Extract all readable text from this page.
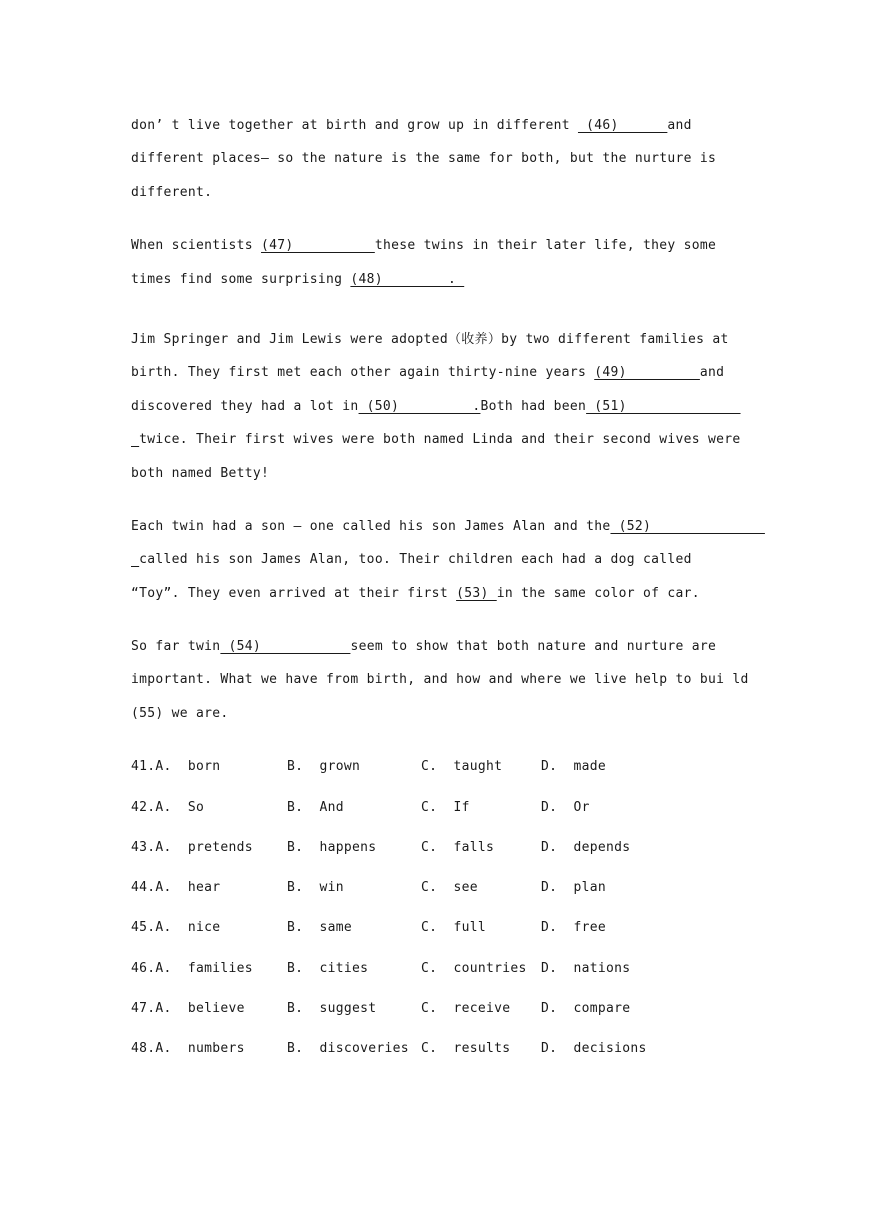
don’ t live together at birth and grow up in different  (46)      and
different places— so the nature is the same for both, but the nurture is
different.
When scientists (47)          these twins in their later life, they some
times find some surprising (48)        .
Jim Springer and Jim Lewis were adopted（收养）by two different families at
birth. They first met each other again thirty-nine years (49)         and
discovered they had a lot in (50)         .Both had been (51)
twice. Their first wives were both named Linda and their second wives were
both named Betty!
Each twin had a son — one called his son James Alan and the (52)
called his son James Alan, too. Their children each had a dog called
“Toy”. They even arrived at their first (53) in the same color of car.
So far twin (54)           seem to show that both nature and nurture are
important. What we have from birth, and how and where we live help to bui ld
(55) we are.

41.A.  born

	B.  grown

	C.  taught

	D.  made

42.A.  So

	B.  And

	C.  If

	D.  Or

43.A.  pretends

	B.  happens

	C.  falls

	D.  depends

44.A.  hear

	B.  win

	C.  see

	D.  plan

45.A.  nice

	B.  same

	C.  full

	D.  free

46.A.  families

	B.  cities

	C.  countries

D.  nations

47.A.  believe

	B.  suggest

	C.  receive

D.  compare

48.A.  numbers

	B.  discoveries

C.  results

D.  decisions
